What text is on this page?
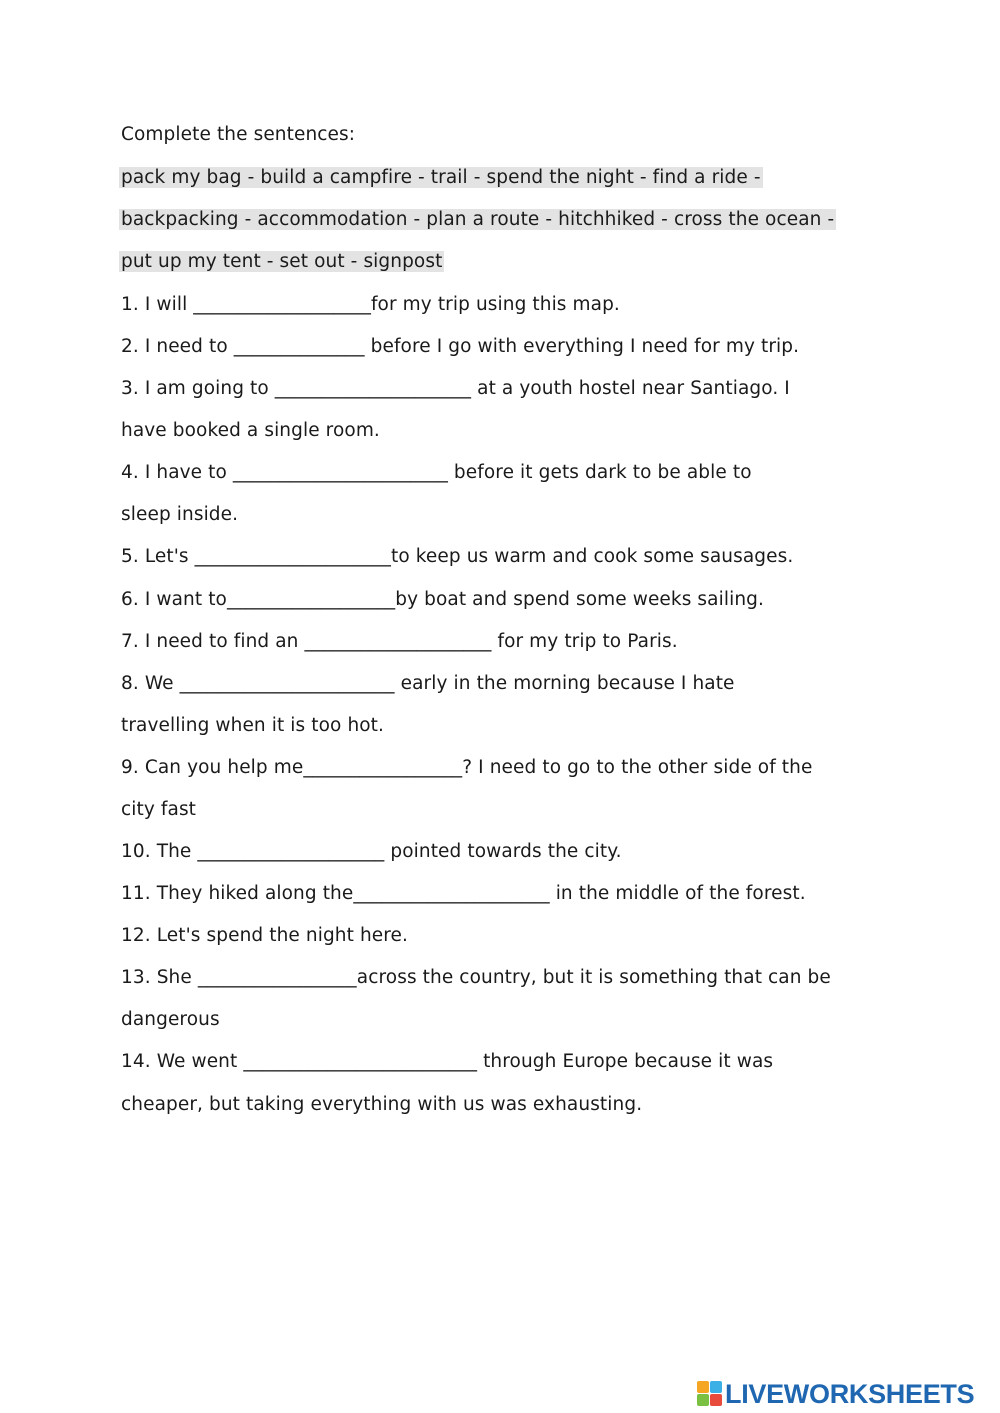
Complete the sentences:
pack my bag - build a campfire - trail - spend the night - find a ride -
backpacking - accommodation - plan a route - hitchhiked - cross the ocean -
put up my tent - set out - signpost
1. I will ___________________for my trip using this map.
2. I need to ______________ before I go with everything I need for my trip.
3. I am going to _____________________ at a youth hostel near Santiago. I
have booked a single room.
4. I have to _______________________ before it gets dark to be able to
sleep inside.
5. Let's _____________________to keep us warm and cook some sausages.
6. I want to__________________by boat and spend some weeks sailing.
7. I need to find an ____________________ for my trip to Paris.
8. We _______________________ early in the morning because I hate
travelling when it is too hot.
9. Can you help me_________________? I need to go to the other side of the
city fast
10. The ____________________ pointed towards the city.
11. They hiked along the_____________________ in the middle of the forest.
12. Let's spend the night here.
13. She _________________across the country, but it is something that can be
dangerous
14. We went _________________________ through Europe because it was
cheaper, but taking everything with us was exhausting.
LIVEWORKSHEETS
